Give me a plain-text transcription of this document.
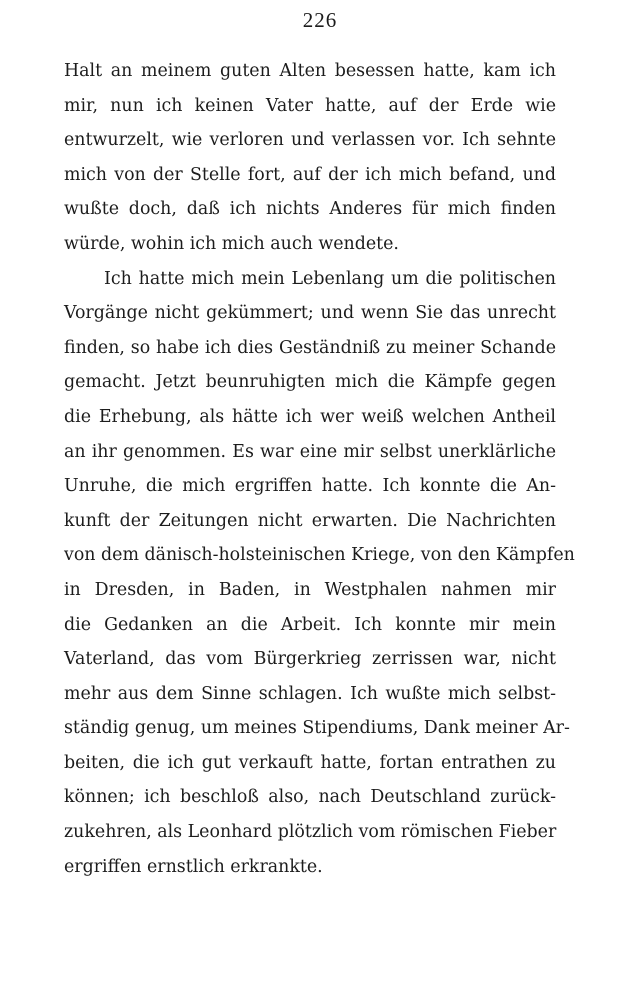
226
Halt an meinem guten Alten besessen hatte, kam ich
mir, nun ich keinen Vater hatte, auf der Erde wie
entwurzelt, wie verloren und verlassen vor. Ich sehnte
mich von der Stelle fort, auf der ich mich befand, und
wußte doch, daß ich nichts Anderes für mich finden
würde, wohin ich mich auch wendete.
Ich hatte mich mein Lebenlang um die politischen
Vorgänge nicht gekümmert; und wenn Sie das unrecht
finden, so habe ich dies Geständniß zu meiner Schande
gemacht. Jetzt beunruhigten mich die Kämpfe gegen
die Erhebung, als hätte ich wer weiß welchen Antheil
an ihr genommen. Es war eine mir selbst unerklärliche
Unruhe, die mich ergriffen hatte. Ich konnte die An-
kunft der Zeitungen nicht erwarten. Die Nachrichten
von dem dänisch-holsteinischen Kriege, von den Kämpfen
in Dresden, in Baden, in Westphalen nahmen mir
die Gedanken an die Arbeit. Ich konnte mir mein
Vaterland, das vom Bürgerkrieg zerrissen war, nicht
mehr aus dem Sinne schlagen. Ich wußte mich selbst-
ständig genug, um meines Stipendiums, Dank meiner Ar-
beiten, die ich gut verkauft hatte, fortan entrathen zu
können; ich beschloß also, nach Deutschland zurück-
zukehren, als Leonhard plötzlich vom römischen Fieber
ergriffen ernstlich erkrankte.
